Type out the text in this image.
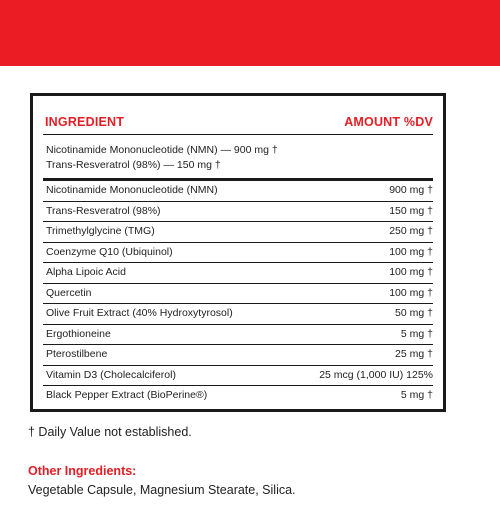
INGREDIENT	AMOUNT %DV
Nicotinamide Mononucleotide (NMN) — 900 mg †
Trans-Resveratrol (98%) — 150 mg †
Nicotinamide Mononucleotide (NMN)	900 mg †
Trans-Resveratrol (98%)	150 mg †
Trimethylglycine (TMG)	250 mg †
Coenzyme Q10 (Ubiquinol)	100 mg †
Alpha Lipoic Acid	100 mg †
Quercetin	100 mg †
Olive Fruit Extract (40% Hydroxytyrosol)	50 mg †
Ergothioneine	5 mg †
Pterostilbene	25 mg †
Vitamin D3 (Cholecalciferol)	25 mcg (1,000 IU) 125%
Black Pepper Extract (BioPerine®)	5 mg †
† Daily Value not established.
Other Ingredients:
Vegetable Capsule, Magnesium Stearate, Silica.
